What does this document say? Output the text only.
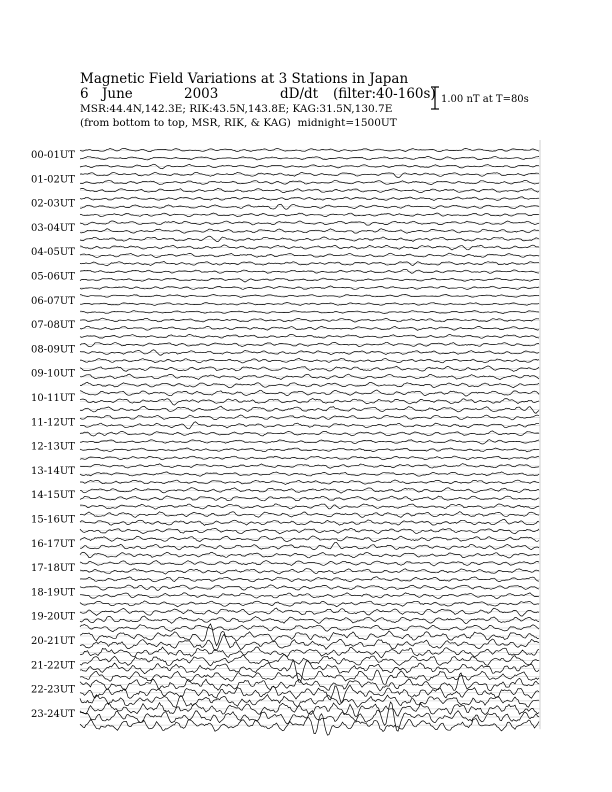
Magnetic Field Variations at 3 Stations in Japan
6 June	2003	dD/dt (filter:40-160s)
MSR:44.4N,142.3E; RIK:43.5N,143.8E; KAG:31.5N,130.7E
(from bottom to top, MSR, RIK, & KAG) midnight=1500UT
1.00 nT at T=80s
00-01UT
01-02UT
02-03UT
03-04UT
04-05UT
05-06UT
06-07UT
07-08UT
08-09UT
09-10UT
10-11UT
11-12UT
12-13UT
13-14UT
14-15UT
15-16UT
16-17UT
17-18UT
18-19UT
19-20UT
20-21UT
21-22UT
22-23UT
23-24UT
